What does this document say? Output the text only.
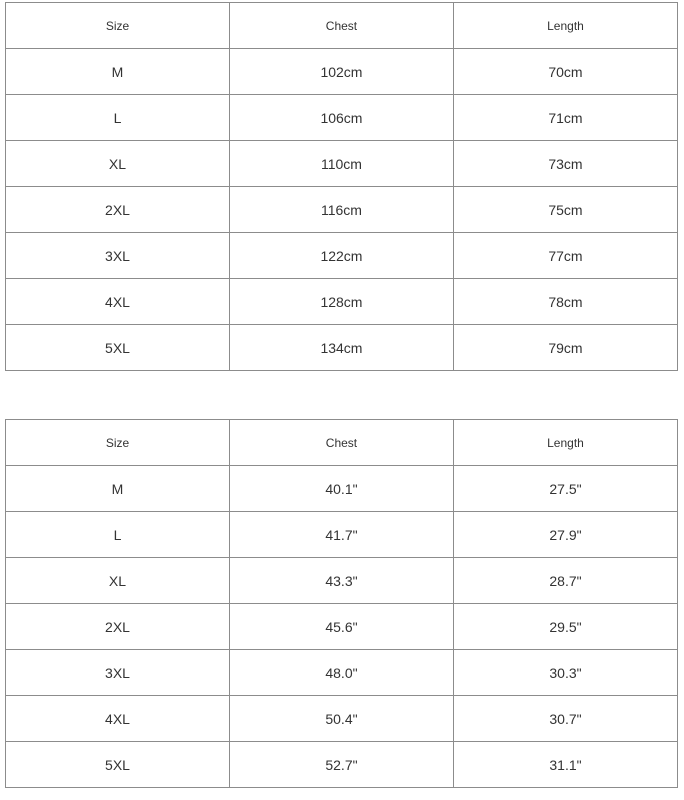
Size	Chest	Length
M	102cm	70cm
L	106cm	71cm
XL	110cm	73cm
2XL	116cm	75cm
3XL	122cm	77cm
4XL	128cm	78cm
5XL	134cm	79cm
Size	Chest	Length
M	40.1"	27.5"
L	41.7"	27.9"
XL	43.3"	28.7"
2XL	45.6"	29.5"
3XL	48.0"	30.3"
4XL	50.4"	30.7"
5XL	52.7"	31.1"
